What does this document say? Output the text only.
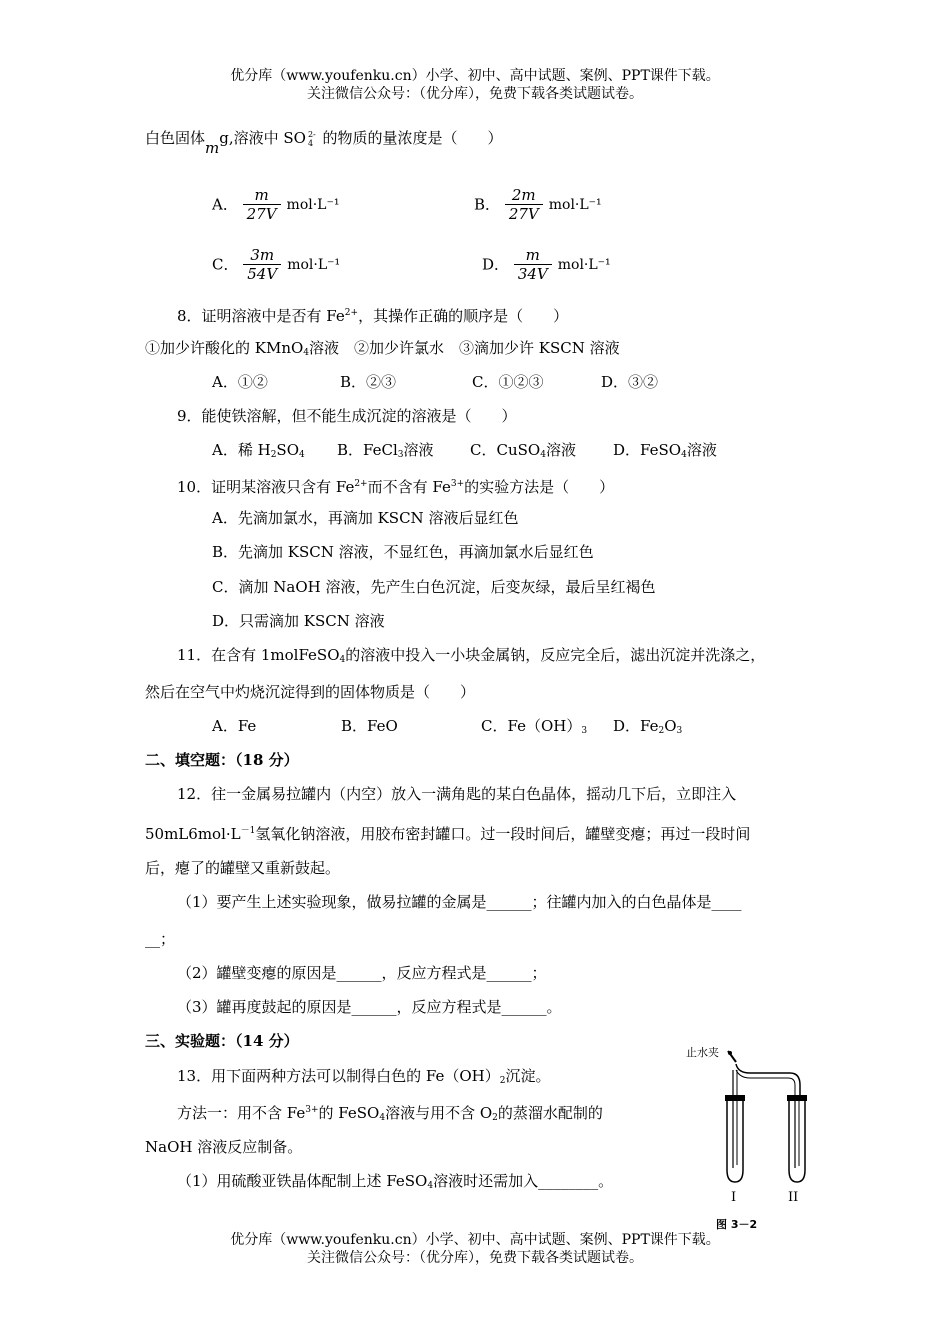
优分库（www.youfenku.cn）小学、初中、高中试题、案例、PPT课件下载。
关注微信公众号：（优分库），免费下载各类试题试卷。
白色固体mg,溶液中 SO 2-
4 的物质的量浓度是（　　）
A． $\frac{m}{27V} mol\cdot L^{-1}$	B． $\frac{2m}{27V} mol\cdot L^{-1}$
C． $\frac{3m}{54V} mol\cdot L^{-1}$	D． $\frac{m}{34V} mol\cdot L^{-1}$
8．证明溶液中是否有 $Fe^{2+}$，其操作正确的顺序是（　　）
①加少许酸化的 KMnO$_4$溶液　②加少许氯水　③滴加少许 KSCN 溶液
A．①②	B．②③	C．①②③	D．③②
9．能使铁溶解，但不能生成沉淀的溶液是（　　）
A．稀 $H_2SO_4$ B．FeCl$_3$溶液 C．CuSO$_4$溶液 D．FeSO$_4$溶液
10．证明某溶液只含有 $Fe^{2+}$而不含有 $Fe^{3+}$的实验方法是（　　）
A．先滴加氯水，再滴加 KSCN 溶液后显红色
B．先滴加 KSCN 溶液，不显红色，再滴加氯水后显红色
C．滴加 NaOH 溶液，先产生白色沉淀，后变灰绿，最后呈红褐色
D．只需滴加 KSCN 溶液
11．在含有 1molFeSO$_4$的溶液中投入一小块金属钠，反应完全后，滤出沉淀并洗涤之，
然后在空气中灼烧沉淀得到的固体物质是（　　）
A．Fe	B．FeO	C．$Fe(OH)_3$ D．$Fe_2O_3$
二、填空题：（18 分）
12．往一金属易拉罐内（内空）放入一满角匙的某白色晶体，摇动几下后，立即注入
$50mL6mol\cdot L^{-1}$氢氧化钠溶液，用胶布密封罐口。过一段时间后，罐壁变瘪；再过一段时间
后，瘪了的罐壁又重新鼓起。
（1）要产生上述实验现象，做易拉罐的金属是______；往罐内加入的白色晶体是____
__；
（2）罐壁变瘪的原因是______，反应方程式是______；
（3）罐再度鼓起的原因是______，反应方程式是______。
三、实验题：（14 分）
13．用下面两种方法可以制得白色的 $Fe(OH)_2$沉淀。
方法一：用不含 $Fe^{3+}$的 FeSO$_4$溶液与用不含 $O_2$的蒸溜水配制的
NaOH 溶液反应制备。
（1）用硫酸亚铁晶体配制上述 FeSO$_4$溶液时还需加入________。
止水夹
I	II
图 3－2
优分库（www.youfenku.cn）小学、初中、高中试题、案例、PPT课件下载。
关注微信公众号：（优分库），免费下载各类试题试卷。
